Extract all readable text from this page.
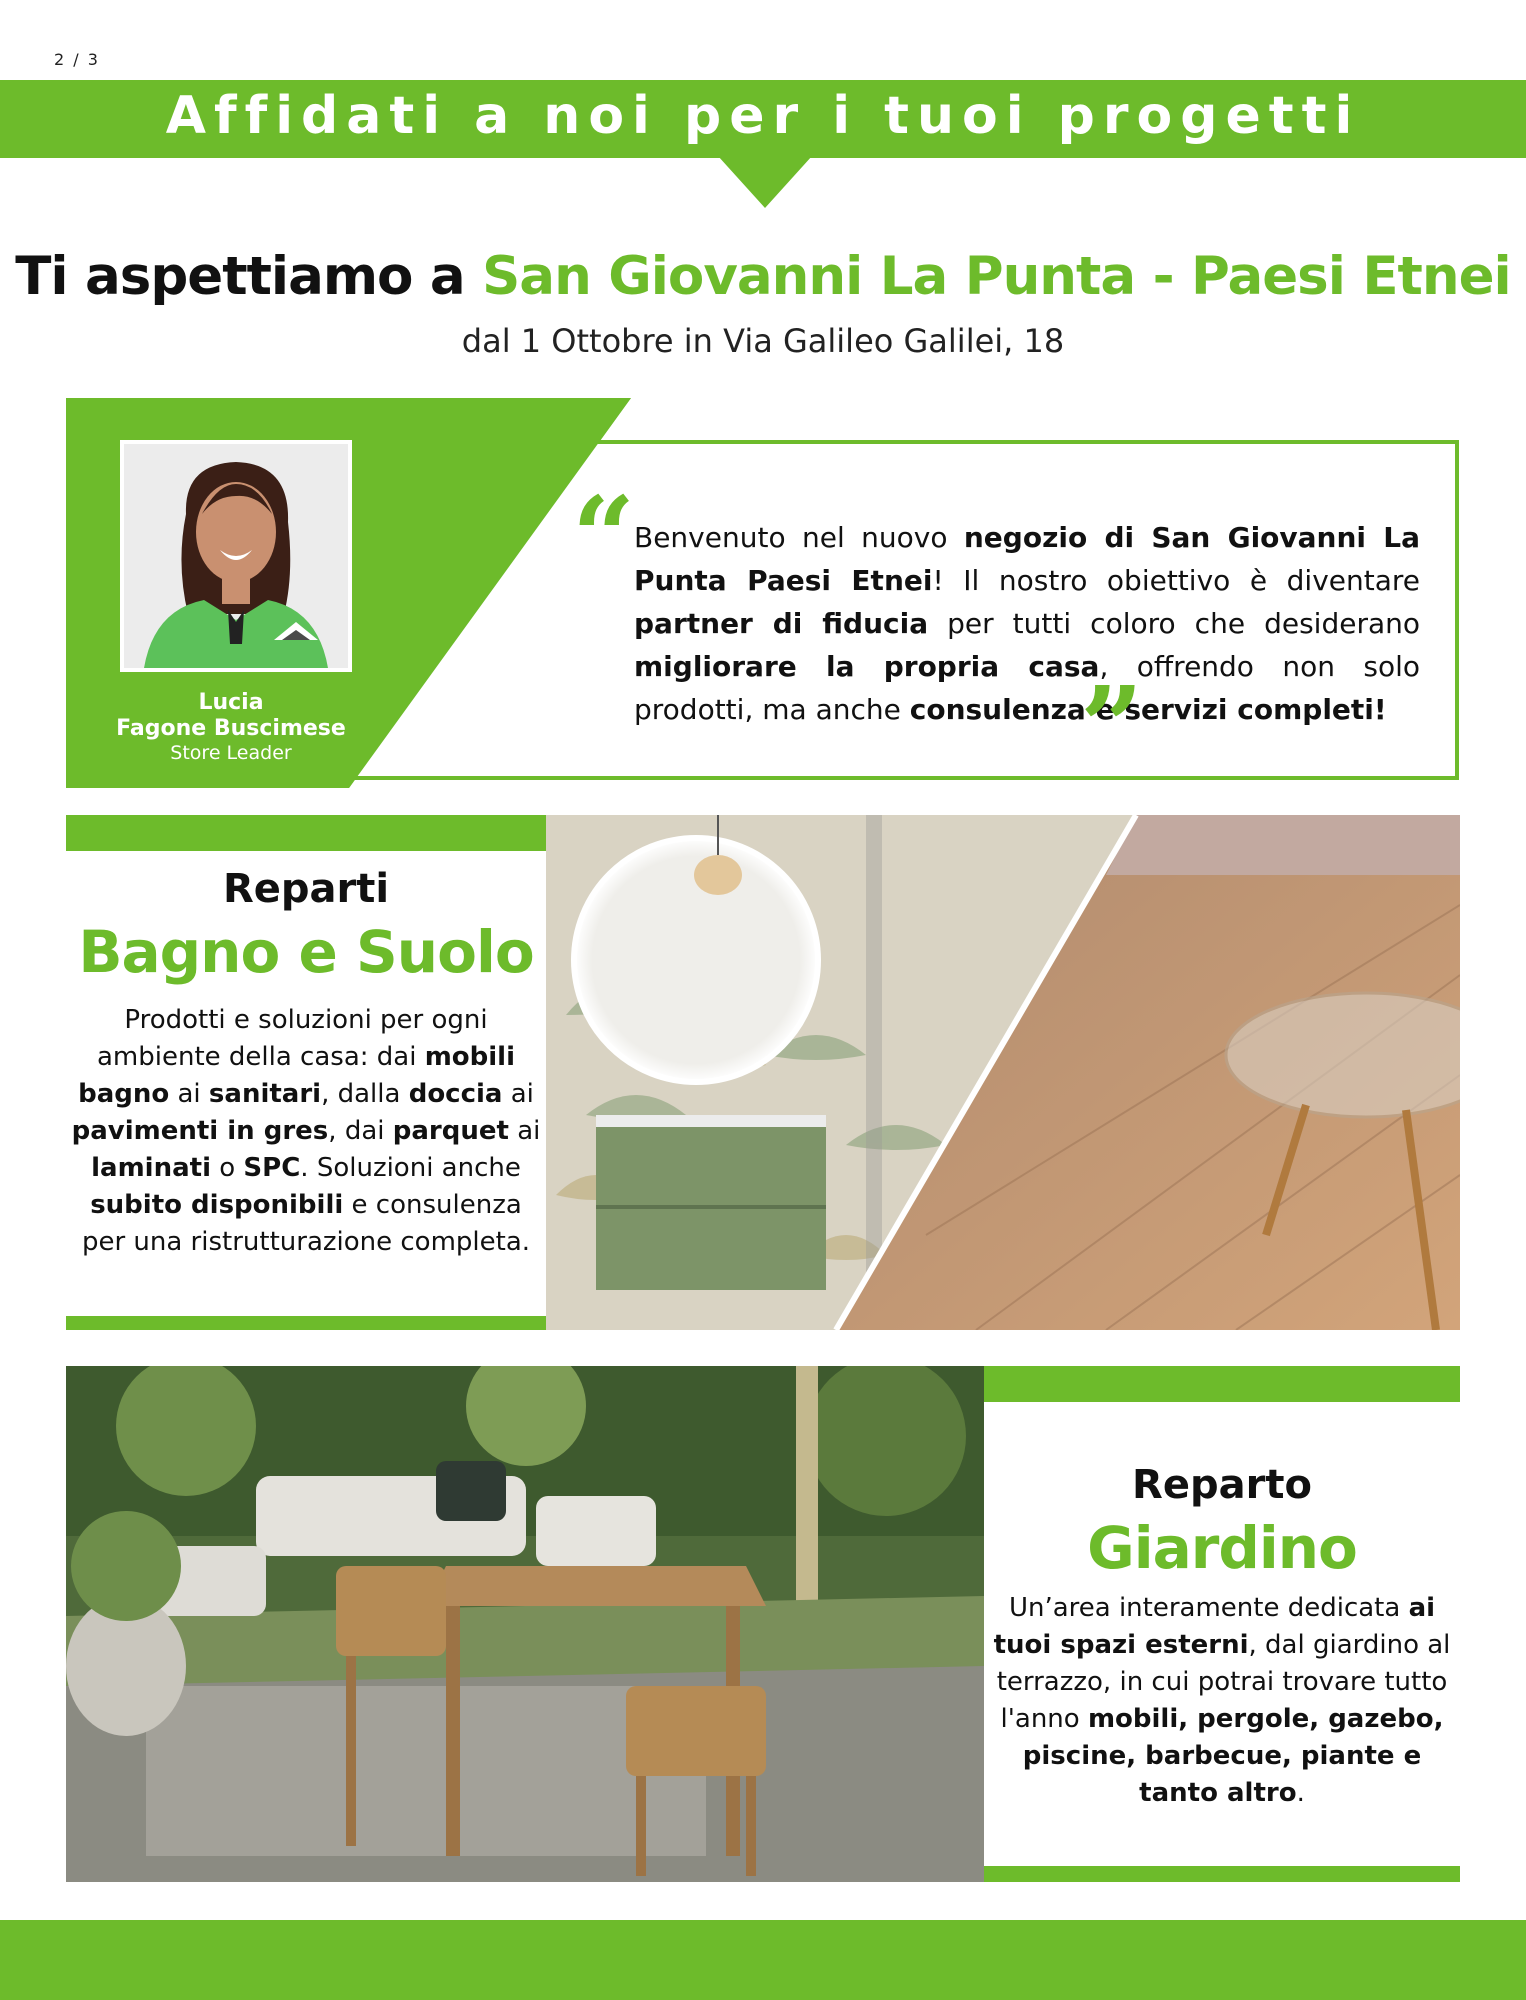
2 / 3
Affidati a noi per i tuoi progetti
Ti aspettiamo a San Giovanni La Punta - Paesi Etnei
dal 1 Ottobre in Via Galileo Galilei, 18
Lucia
Fagone Buscimese
Store Leader
“
Benvenuto nel nuovo negozio di San Giovanni La Punta Paesi Etnei! Il nostro obiettivo è diventare partner di fiducia per tutti coloro che desiderano migliorare la propria casa, offrendo non solo prodotti, ma anche consulenza e servizi completi!
”
Reparti
Bagno e Suolo
Prodotti e soluzioni per ogni ambiente della casa: dai mobili bagno ai sanitari, dalla doccia ai pavimenti in gres, dai parquet ai laminati o SPC. Soluzioni anche subito disponibili e consulenza per una ristrutturazione completa.
Reparto
Giardino
Un’area interamente dedicata ai tuoi spazi esterni, dal giardino al terrazzo, in cui potrai trovare tutto l'anno mobili, pergole, gazebo, piscine, barbecue, piante e tanto altro.
